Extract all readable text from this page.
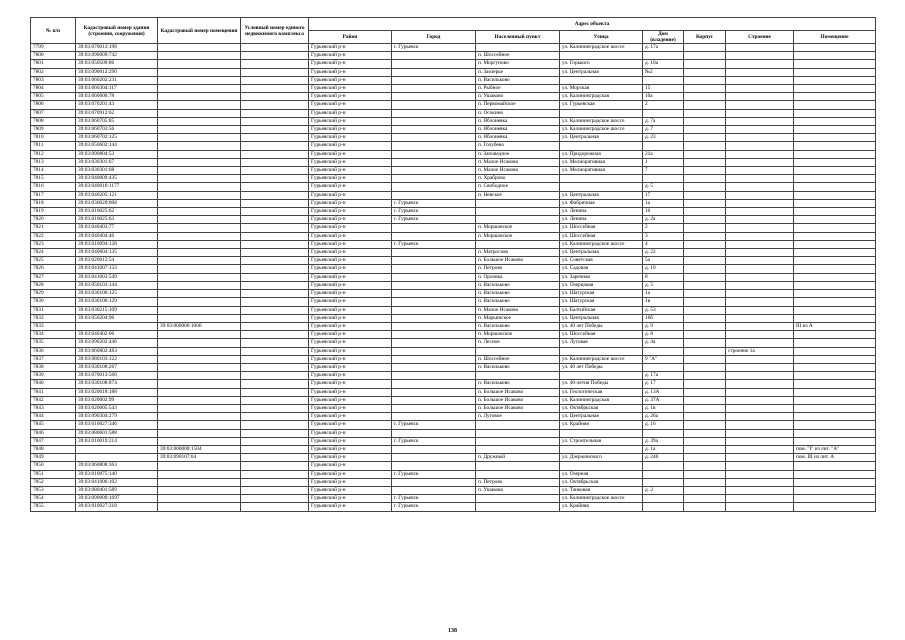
№ п/п	Кадастровый номер здания (строения, сооружения)	Кадастровый номер помещения	Условный номер единого недвижимого комплекса	Адрес объекта							
				Район	Город	Населенный пункт	Улица	Дом (владение)	Корпус	Строение	Помещение
7799	39:03:070013:198			Гурьевский р-н	г. Гурьевск		ул. Калининградское шоссе	д. 17а			
7800	39:03:090009:742			Гурьевский р-н		п. Шоссейное					
7801	39:03:050509:86			Гурьевский р-н		п. Моргуново	ул. Горького	д. 10а			
7802	39:03:090012:290			Гурьевский р-н		п. Заозерье	ул. Центральная	№2			
7803	39:03:060202:231			Гурьевский р-н		п. Васильково					
7804	39:03:060304:117			Гурьевский р-н		п. Рыбное	ул. Морская	15			
7805	39:03:060606:78			Гурьевский р-н		п. Ушаково	ул. Калининградская	10а			
7806	39:03:070201:43			Гурьевский р-н		п. Первомайское	ул. Гурьевская	2			
7807	39:03:070912:62			Гурьевский р-н		п. Осокино					
7808	39:03:060705:85			Гурьевский р-н		п. Яблоневка	ул. Калининградское шоссе	д. 7а			
7809	39:03:060703:56			Гурьевский р-н		п. Яблоневка	ул. Калининградское шоссе	д. 7			
7810	39:03:060702:125			Гурьевский р-н		п. Яблоневка	ул. Центральная	д. 23			
7811	39:03:050602:144			Гурьевский р-н		п. Голубево					
7812	39:03:090804:53			Гурьевский р-н		п. Заповедное	ул. Придорожная	21а			
7813	39:03:030301:67			Гурьевский р-н		п. Малое Исаково	ул. Мелиоративная	1			
7814	39:03:030301:68			Гурьевский р-н		п. Малое Исаково	ул. Мелиоративная	7			
7815	39:03:040009:435			Гурьевский р-н		п. Храброво					
7816	39:03:040016:1177			Гурьевский р-н		п. Свободное		д. 5			
7817	39:03:040205:121			Гурьевский р-н		п. Невское	ул. Центральная	17			
7818	39:03:030020:608			Гурьевский р-н	г. Гурьевск		ул. Фабричная	1а			
7819	39:03:010025:62			Гурьевский р-н	г. Гурьевск		ул. Ленина	16			
7820	39:03:010025:63			Гурьевский р-н	г. Гурьевск		ул. Ленина	д. 2а			
7821	39:03:040403:77			Гурьевский р-н		п. Моршанское	ул. Шоссейная	2			
7822	39:03:040404:46			Гурьевский р-н		п. Моршанское	ул. Шоссейная	3			
7823	39:03:010094:128			Гурьевский р-н	г. Гурьевск		ул. Калининградское шоссе	4			
7824	39:03:040604:135			Гурьевский р-н		п. Матросово	ул. Центральная	д. 22			
7825	39:03:020012:54			Гурьевский р-н		п. Большое Исаково	ул. Советская	5а			
7826	39:03:041007:133			Гурьевский р-н		п. Петрово	ул. Садовая	д. 10			
7827	39:03:041003:549			Гурьевский р-н		п. Орловка	ул. Заречная	8			
7828	39:03:050103:144			Гурьевский р-н		п. Васильково	ул. Озерцовая	д. 5			
7829	39:03:030106:125			Гурьевский р-н		п. Васильково	ул. Шатурская	1а			
7830	39:03:030106:129			Гурьевский р-н		п. Васильково	ул. Шатурская	1в			
7831	39:03:030215:109			Гурьевский р-н		п. Малое Исаково	ул. Балтийская	д. 53			
7832	39:03:050204:96			Гурьевский р-н		п. Марьинское	ул. Центральная	16б			
7833		39:03:000000:1006		Гурьевский р-н		п. Васильково	ул. 40 лет Победы	д. 9			III из А
7834	39:03:040402:66			Гурьевский р-н		п. Моршанское	ул. Шоссейная	д. 8			
7835	39:03:090202:446			Гурьевский р-н		п. Лесное	ул. Луговая	д. 4а			
7836	39:03:060802:483			Гурьевский р-н						строение 1а	
7837	39:03:080103:122			Гурьевский р-н		п. Шоссейное	ул. Калининградское шоссе	9 "А"			
7838	39:03:030108:267			Гурьевский р-н		п. Васильково	ул. 40 лет Победы				
7839	39:03:070013:566			Гурьевский р-н				д. 17а			
7840	39:03:030108:874			Гурьевский р-н		п. Васильково	ул. 40-летия Победы	д. 17			
7841	39:03:020018:188			Гурьевский р-н		п. Большое Исаково	ул. Геологическая	д. 13А			
7842	39:03:020002:99			Гурьевский р-н		п. Большое Исаково	ул. Калининградская	д. 37А			
7843	39:03:020005:543			Гурьевский р-н		п. Большое Исаково	ул. Октябрьская	д. 1в			
7844	39:03:090304:279			Гурьевский р-н		п. Луговое	ул. Центральная	д. 26а			
7845	39:03:010027:346			Гурьевский р-н	г. Гурьевск		ул. Крайняя	д. 16			
7846	39:03:080601:588			Гурьевский р-н							
7847	39:03:010019:214			Гурьевский р-н	г. Гурьевск		ул. Строительная	д. 39а			
7848		39:03:000000:1504		Гурьевский р-н				д. 1а			пом. "I" из лит. "А"
7849		39:03:090107:64		Гурьевский р-н		п. Дружный	ул. Дзержинского	д. 246			пом. III из лит. А
7850	39:03:060808:363			Гурьевский р-н							
7851	39:03:010075:140			Гурьевский р-н	г. Гурьевск		ул. Озерная				
7852	39:03:041006:102			Гурьевский р-н		п. Петрово	ул. Октябрьская				
7853	39:03:080401:589			Гурьевский р-н		п. Ушаково	ул. Танковая	д. 2			
7854	39:03:090009:1697			Гурьевский р-н	г. Гурьевск		ул. Калининградское шоссе				
7855	39:03:010027:318			Гурьевский р-н	г. Гурьевск		ул. Крайняя				
138
